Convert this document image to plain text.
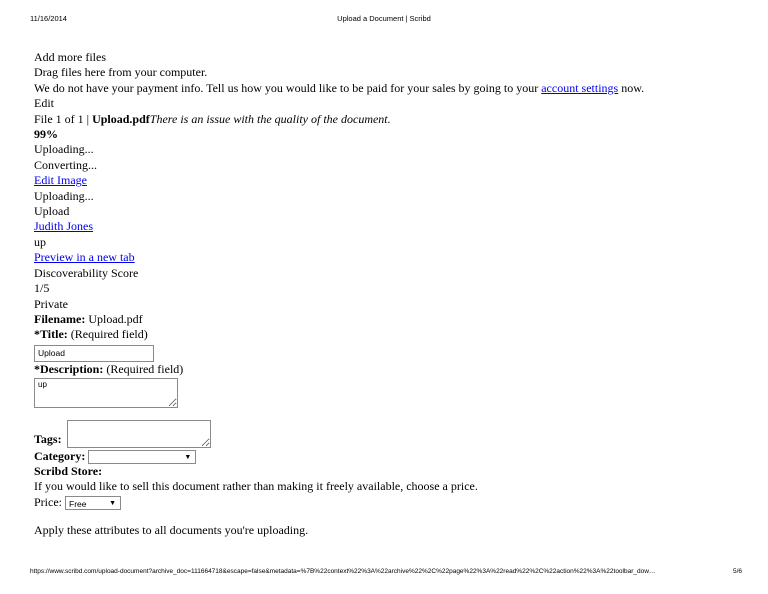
11/16/2014	Upload a Document | Scribd
Add more files
Drag files here from your computer.
We do not have your payment info. Tell us how you would like to be paid for your sales by going to your account settings now.
Edit
File 1 of 1 | Upload.pdfThere is an issue with the quality of the document.
99%
Uploading...
Converting...
Edit Image
Uploading...
Upload
Judith Jones
up
Preview in a new tab
Discoverability Score
1/5
Private
Filename: Upload.pdf
*Title: (Required field)
Upload
*Description: (Required field)
up
Tags:
Category:	▼
Scribd Store:
If you would like to sell this document rather than making it freely available, choose a price.
Price: Free	▼
Apply these attributes to all documents you're uploading.
https://www.scribd.com/upload-document?archive_doc=111664718&escape=false&metadata=%7B%22context%22%3A%22archive%22%2C%22page%22%3A%22read%22%2C%22action%22%3A%22toolbar_dow…	5/6
